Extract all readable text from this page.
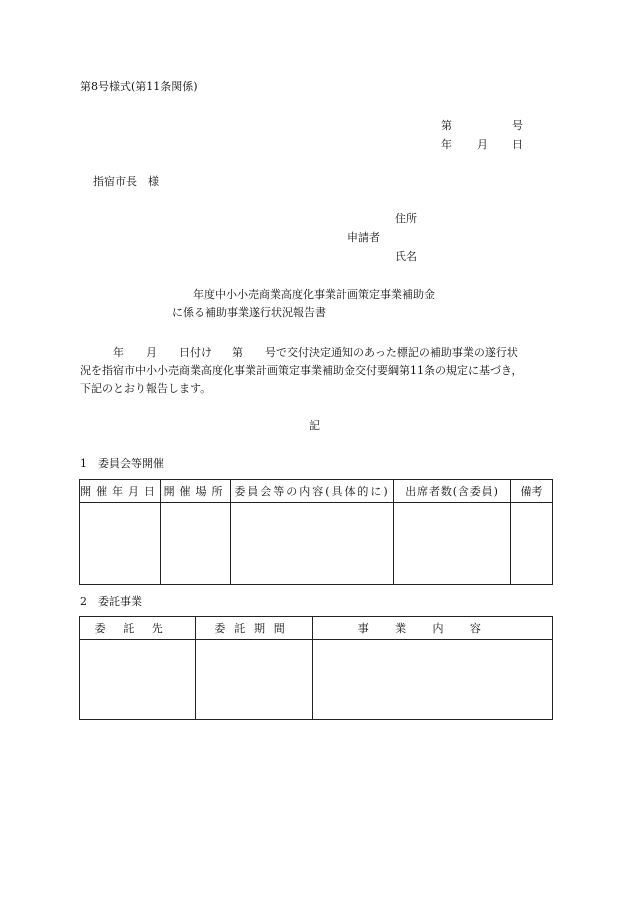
第8号様式(第11条関係)
第	号
年 月 日
指宿市長　様
住所
申請者
氏名
年度中小小売商業高度化事業計画策定事業補助金
に係る補助事業遂行状況報告書
年 月 日付け 第 号で交付決定通知のあった標記の補助事業の遂行状
況を指宿市中小小売商業高度化事業計画策定事業補助金交付要綱第11条の規定に基づき，
下記のとおり報告します。
記
1　委員会等開催
開催年月日	開催場所	委員会等の内容(具体的に)	出席者数(含委員)	備考

2　委託事業
委託先	委託期間	事業内容
